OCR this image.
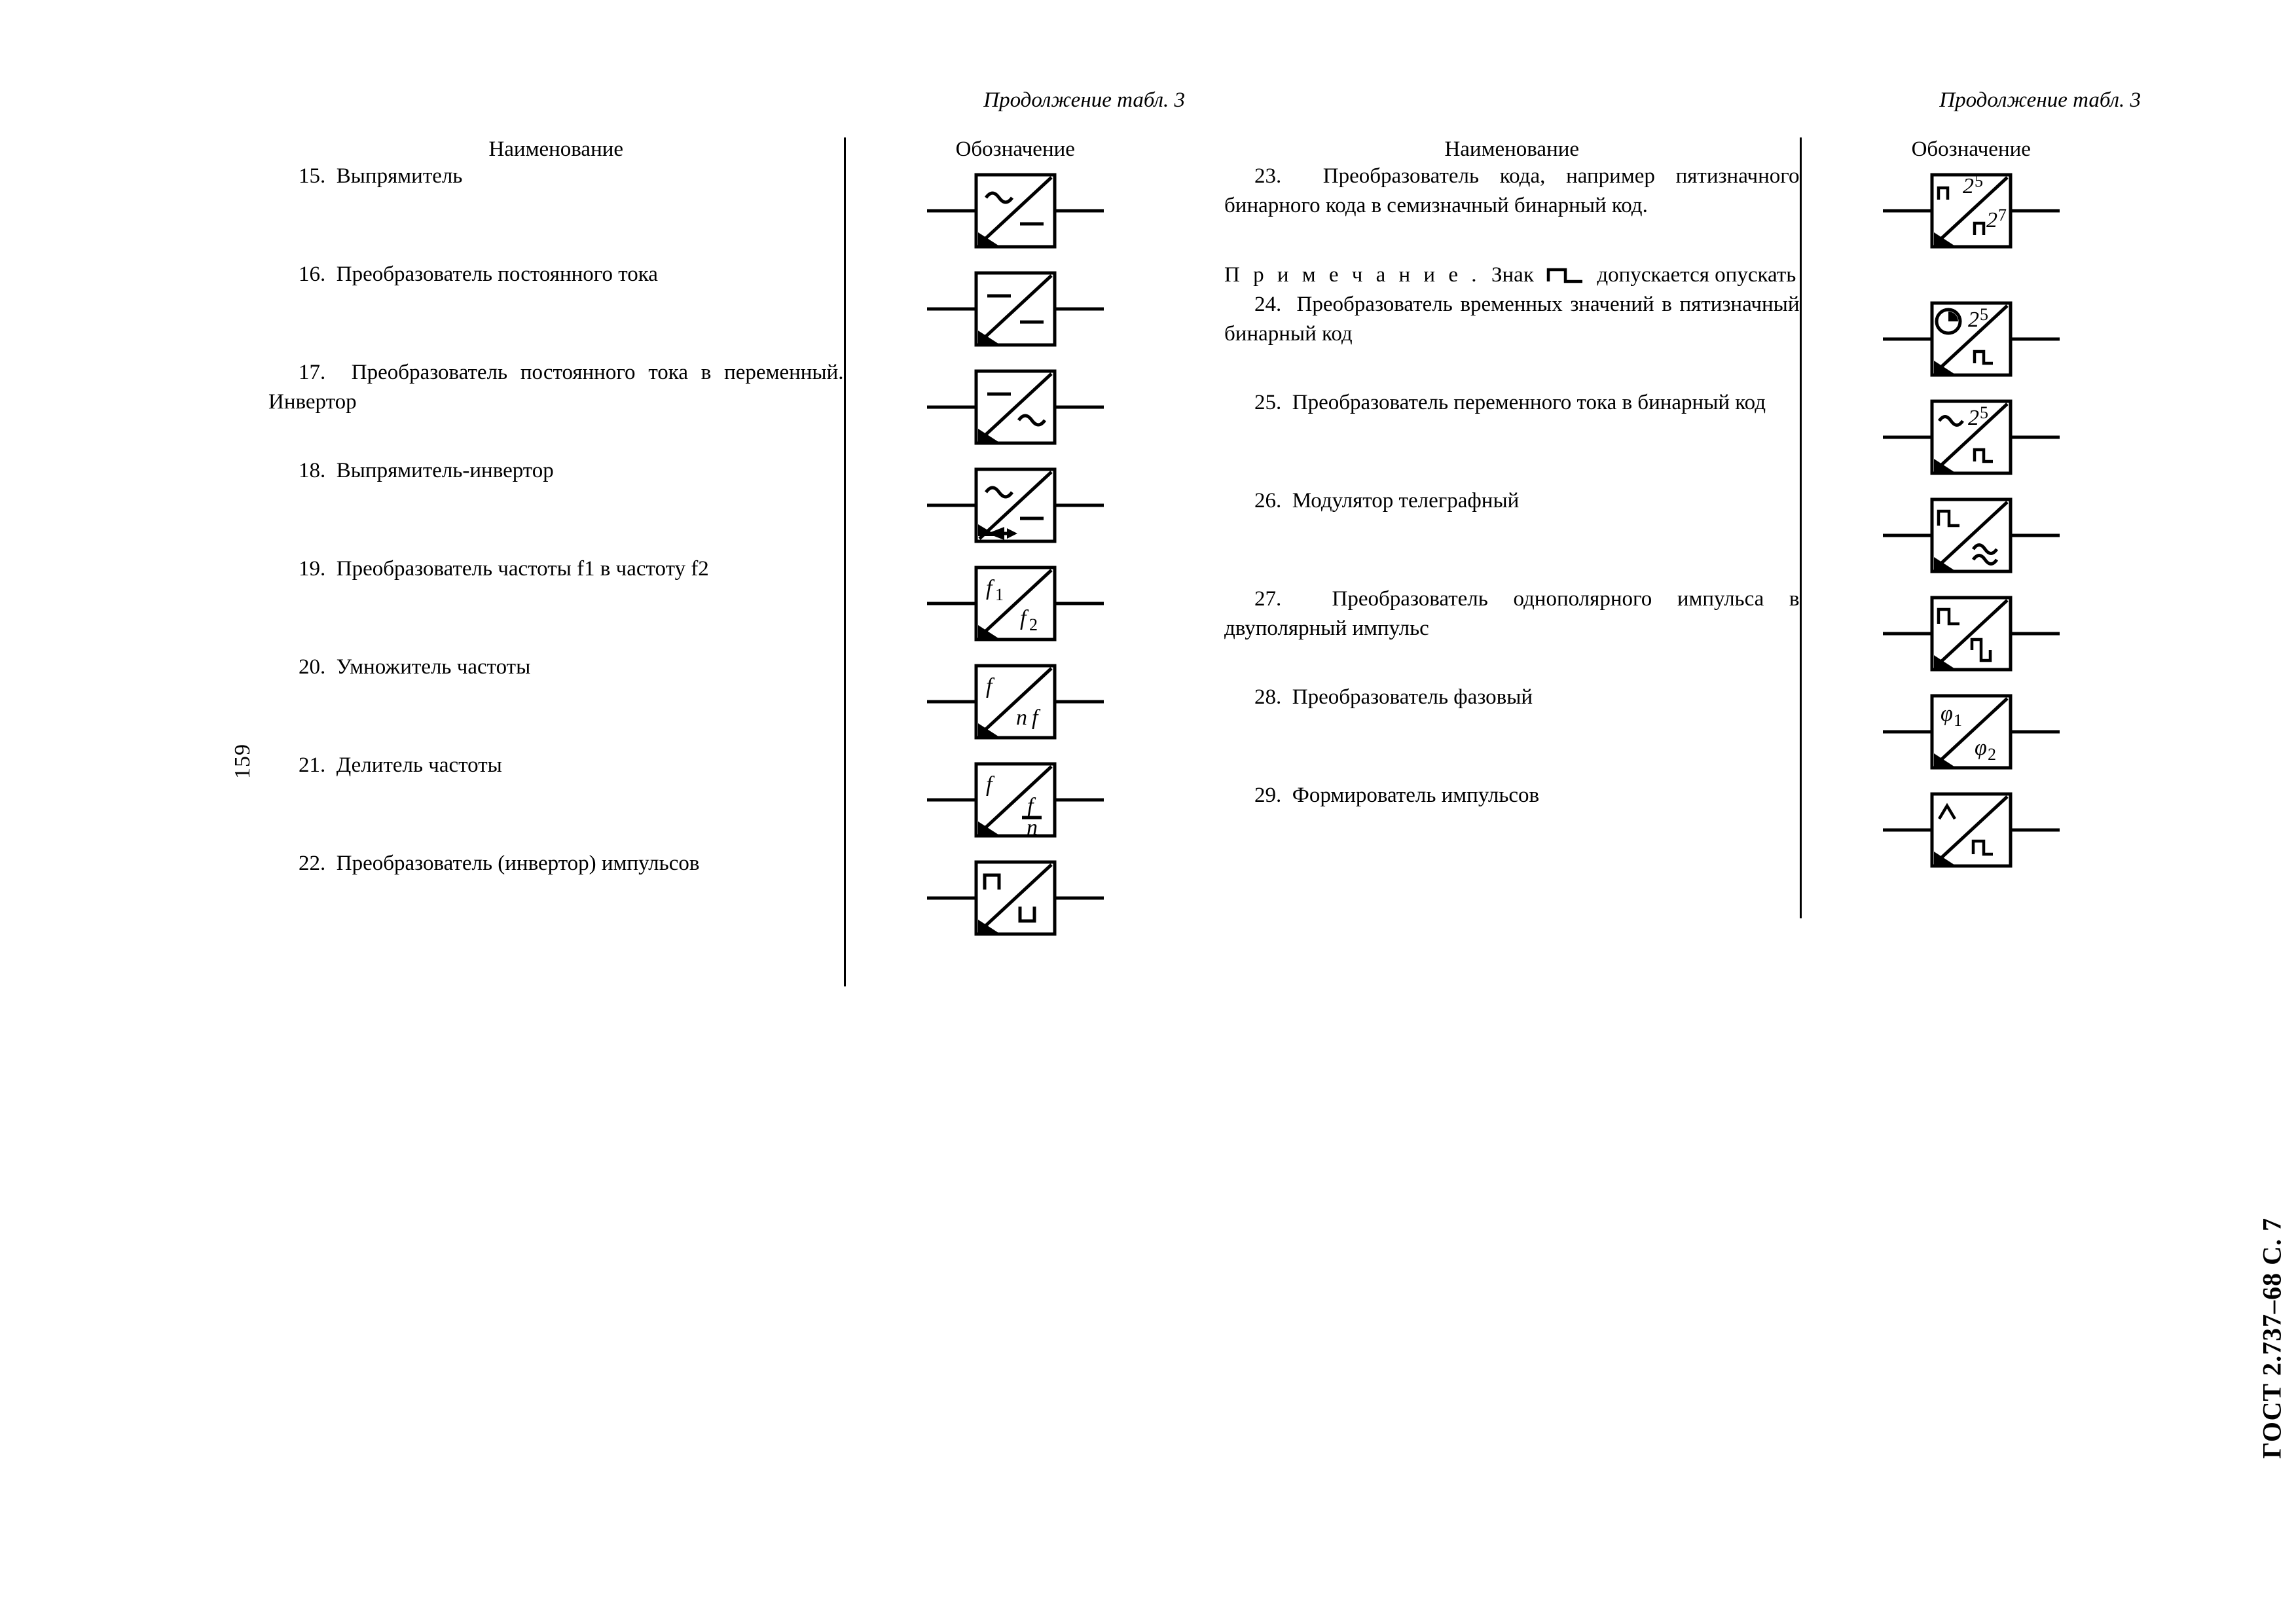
159
ГОСТ 2.737–68 С. 7
Продолжение табл. 3
Наименование	Обозначение
15. Выпрямитель	

16. Преобразователь постоянного тока	

17. Преобразователь постоянного тока в переменный. Инвертор	

18. Выпрямитель-инвертор	

19. Преобразователь частоты f1 в частоту f2	f 1
f 2

20. Умножитель частоты	f
n f

21. Делитель частоты	f
f
n

22. Преобразователь (инвертор) импульсов	

Продолжение табл. 3
Наименование	Обозначение
23. Преобразователь кода, например пятизначного бинарного кода в семизначный бинарный код.	2 5
2 7

П р и м е ч а н и е . Знак допускается опускать	
24. Преобразователь временных значений в пятизначный бинарный код	2 5

25. Преобразователь переменного тока в бинарный код	2 5

26. Модулятор телеграфный	

27. Преобразователь однополярного импульса в двуполярный импульс	

28. Преобразователь фазовый	φ 1
φ 2

29. Формирователь импульсов	
